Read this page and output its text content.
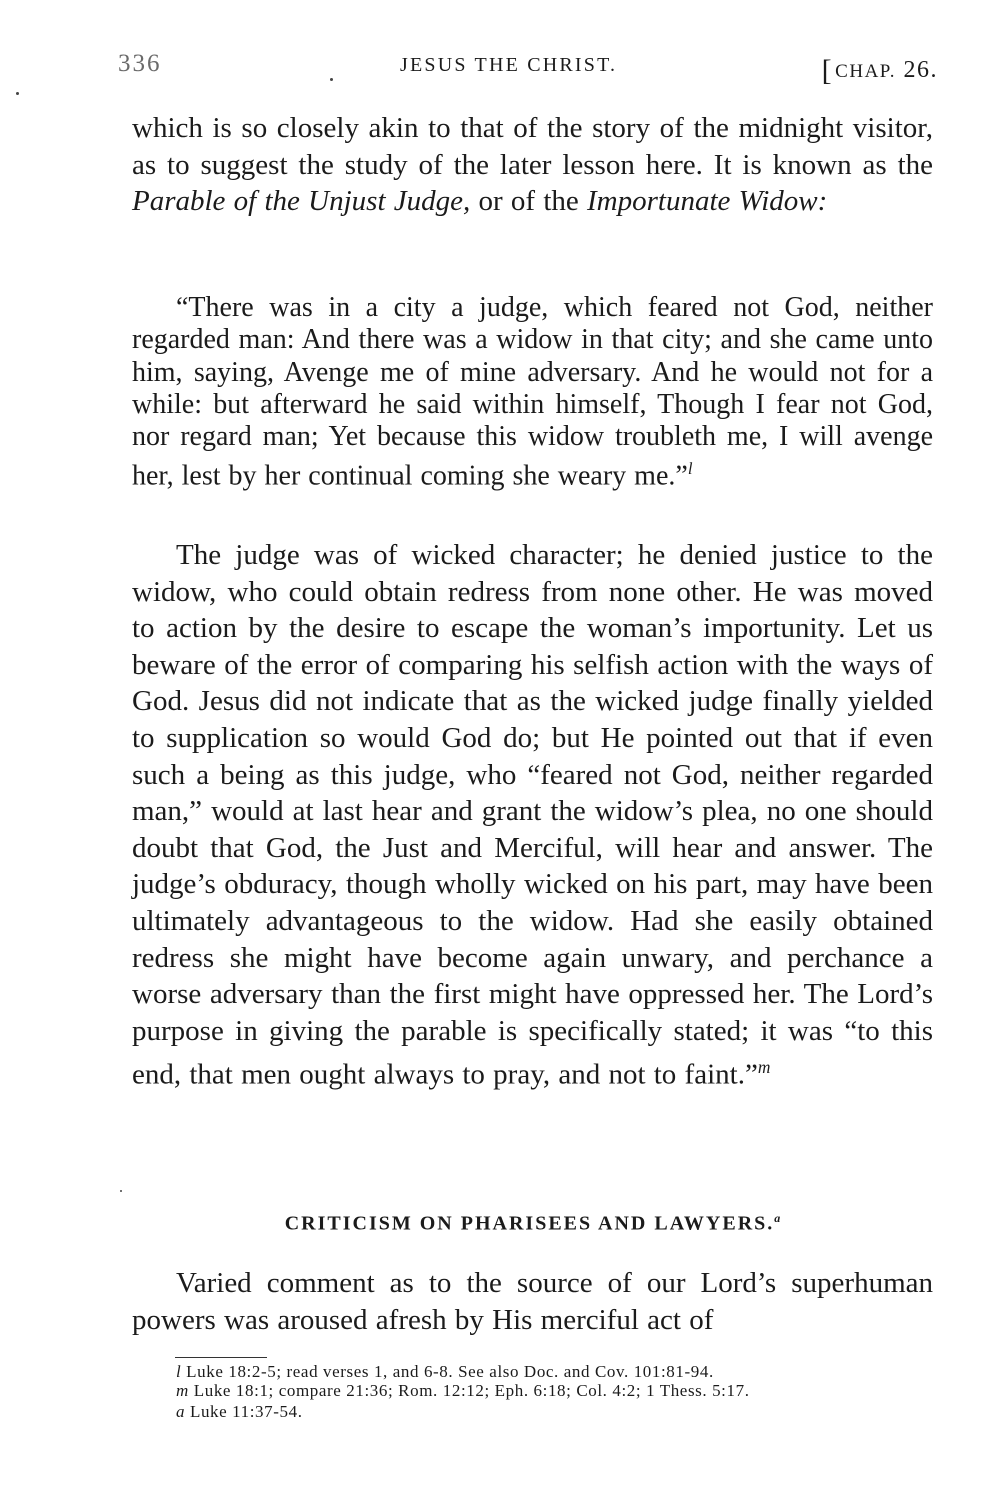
336	JESUS THE CHRIST.	[ CHAP. 26.

which is so closely akin to that of the story of the midnight visitor, as to suggest the study of the later lesson here. It is known as the Parable of the Unjust Judge, or of the Importunate Widow:

“There was in a city a judge, which feared not God, neither regarded man: And there was a widow in that city; and she came unto him, saying, Avenge me of mine adversary. And he would not for a while: but afterward he said within himself, Though I fear not God, nor regard man; Yet because this widow troubleth me, I will avenge her, lest by her continual coming she weary me.”$^l$

The judge was of wicked character; he denied justice to the widow, who could obtain redress from none other. He was moved to action by the desire to escape the woman’s importunity. Let us beware of the error of comparing his selfish action with the ways of God. Jesus did not indicate that as the wicked judge finally yielded to supplication so would God do; but He pointed out that if even such a being as this judge, who “feared not God, neither regarded man,” would at last hear and grant the widow’s plea, no one should doubt that God, the Just and Merciful, will hear and answer. The judge’s obduracy, though wholly wicked on his part, may have been ultimately advantageous to the widow. Had she easily obtained redress she might have become again unwary, and perchance a worse adversary than the first might have oppressed her. The Lord’s purpose in giving the parable is specifically stated; it was “to this end, that men ought always to pray, and not to faint.”$^m$

CRITICISM ON PHARISEES AND LAWYERS.$^a$

Varied comment as to the source of our Lord’s superhuman powers was aroused afresh by His merciful act of

l Luke 18:2-5; read verses 1, and 6-8. See also Doc. and Cov. 101:81-94.

m Luke 18:1; compare 21:36; Rom. 12:12; Eph. 6:18; Col. 4:2; 1 Thess. 5:17.

a Luke 11:37-54.
